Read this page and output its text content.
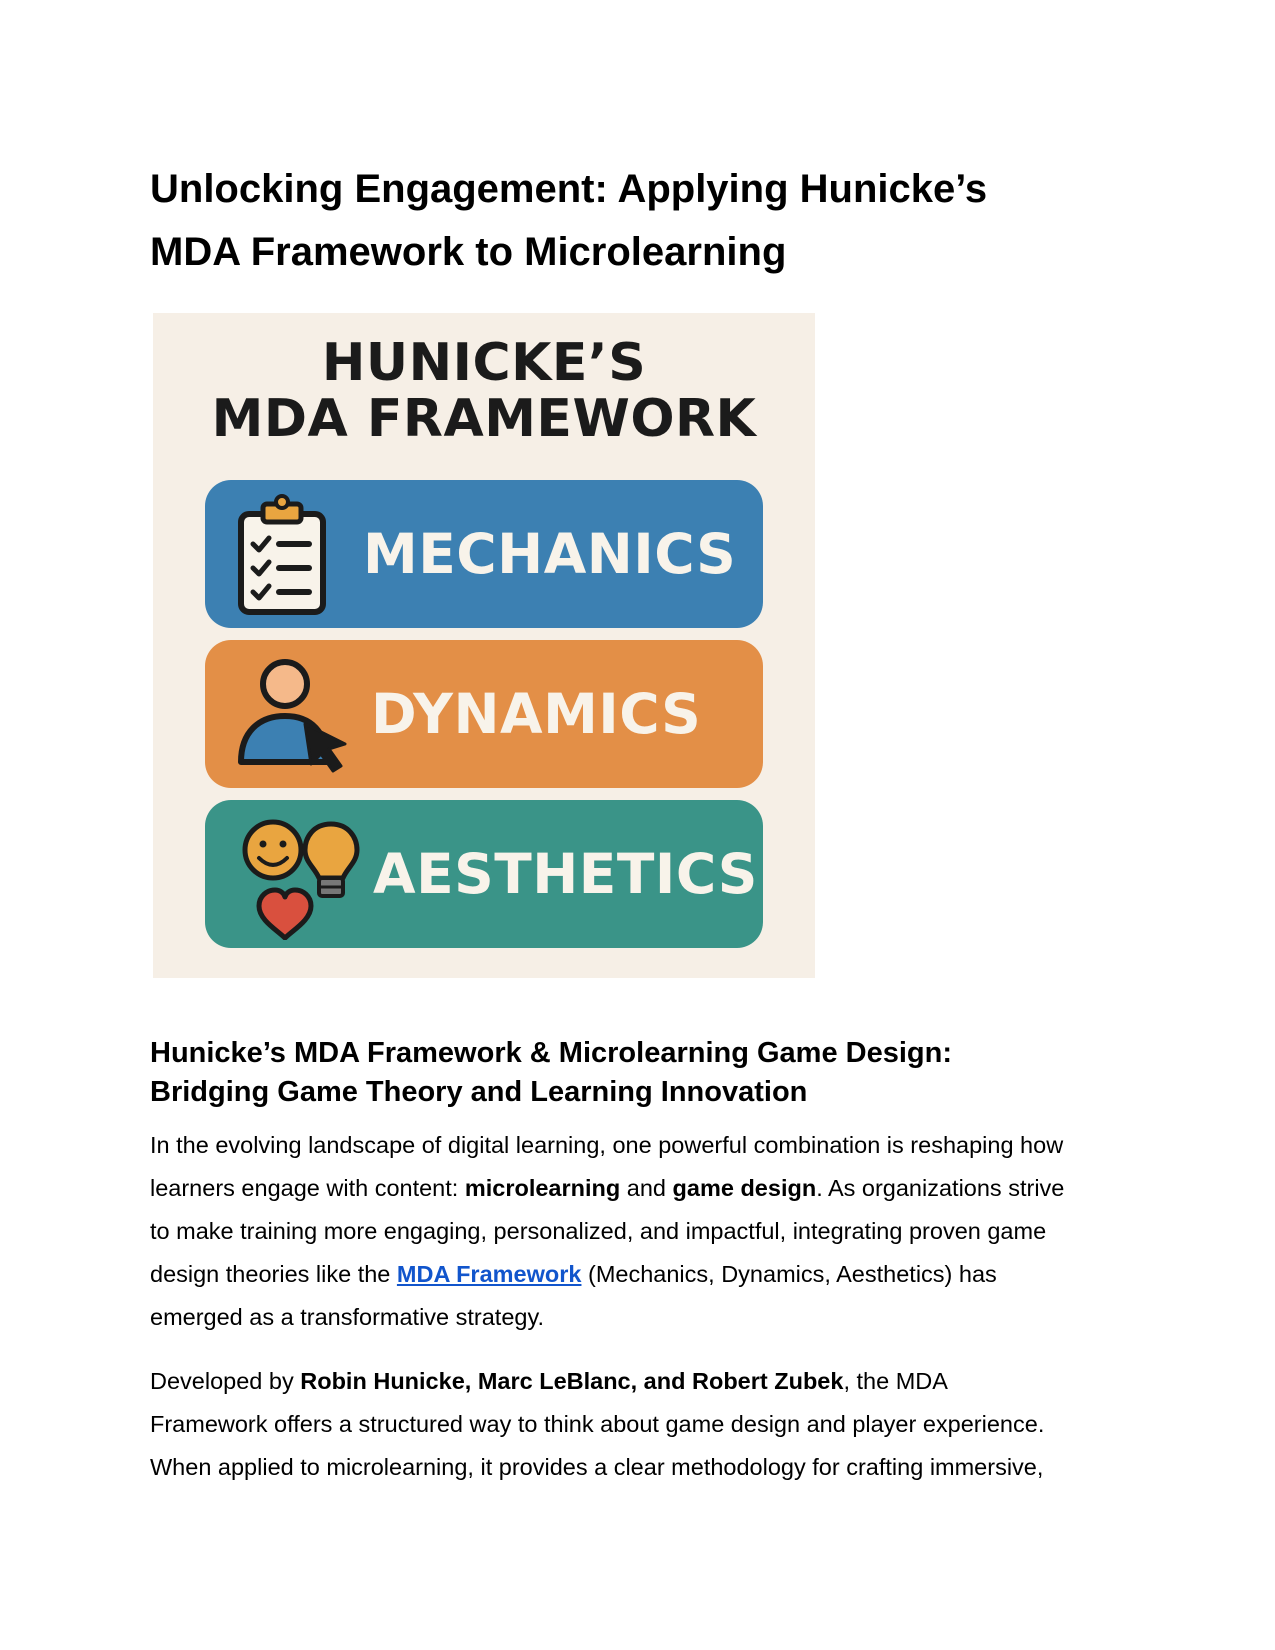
Unlocking Engagement: Applying Hunicke’s
MDA Framework to Microlearning
HUNICKE’S
MDA FRAMEWORK
MECHANICS
DYNAMICS
AESTHETICS
Hunicke’s MDA Framework & Microlearning Game Design:
Bridging Game Theory and Learning Innovation
In the evolving landscape of digital learning, one powerful combination is reshaping how
learners engage with content: microlearning and game design. As organizations strive
to make training more engaging, personalized, and impactful, integrating proven game
design theories like the MDA Framework (Mechanics, Dynamics, Aesthetics) has
emerged as a transformative strategy.
Developed by Robin Hunicke, Marc LeBlanc, and Robert Zubek, the MDA
Framework offers a structured way to think about game design and player experience.
When applied to microlearning, it provides a clear methodology for crafting immersive,
